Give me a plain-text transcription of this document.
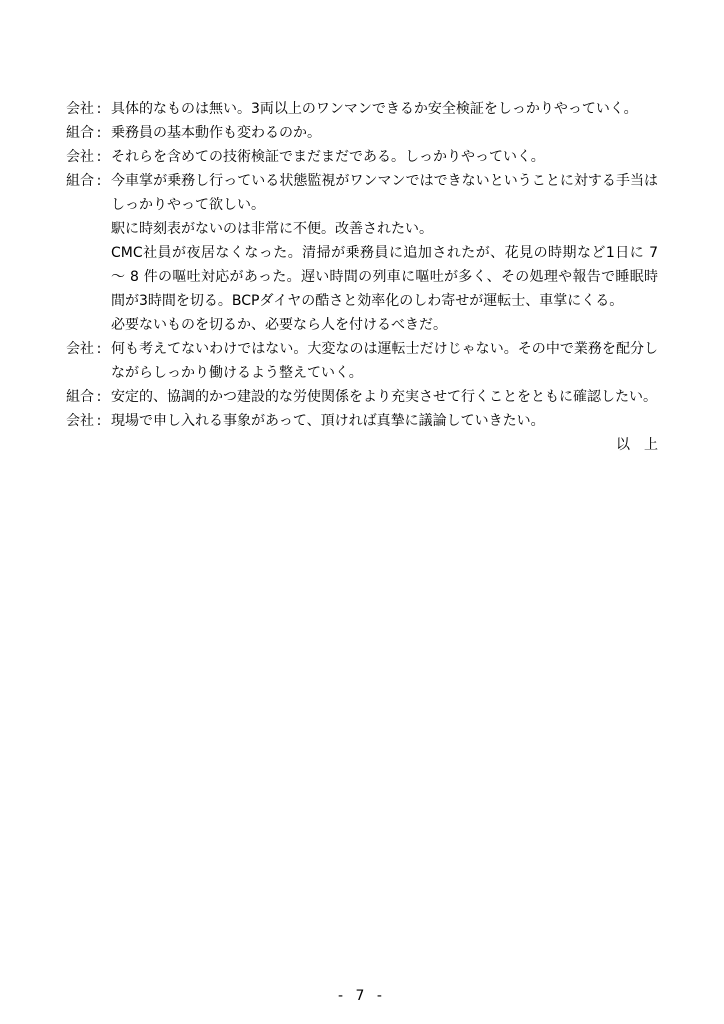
会社 : 具体的なものは無い。3両以上のワンマンできるか安全検証をしっかりやっていく。

組合 : 乗務員の基本動作も変わるのか。

会社 : それらを含めての技術検証でまだまだである。しっかりやっていく。

組合 : 今車掌が乗務し行っている状態監視がワンマンではできないということに対する手当はしっかりやって欲しい。

駅に時刻表がないのは非常に不便。改善されたい。

CMC社員が夜居なくなった。清掃が乗務員に追加されたが、花見の時期など1日に 7 ～ 8 件の嘔吐対応があった。遅い時間の列車に嘔吐が多く、その処理や報告で睡眠時間が3時間を切る。BCPダイヤの酷さと効率化のしわ寄せが運転士、車掌にくる。

必要ないものを切るか、必要なら人を付けるべきだ。

会社 : 何も考えてないわけではない。大変なのは運転士だけじゃない。その中で業務を配分しながらしっかり働けるよう整えていく。

組合 : 安定的、協調的かつ建設的な労使関係をより充実させて行くことをともに確認したい。

会社 : 現場で申し入れる事象があって、頂ければ真摯に議論していきたい。

以上
- 7 -
